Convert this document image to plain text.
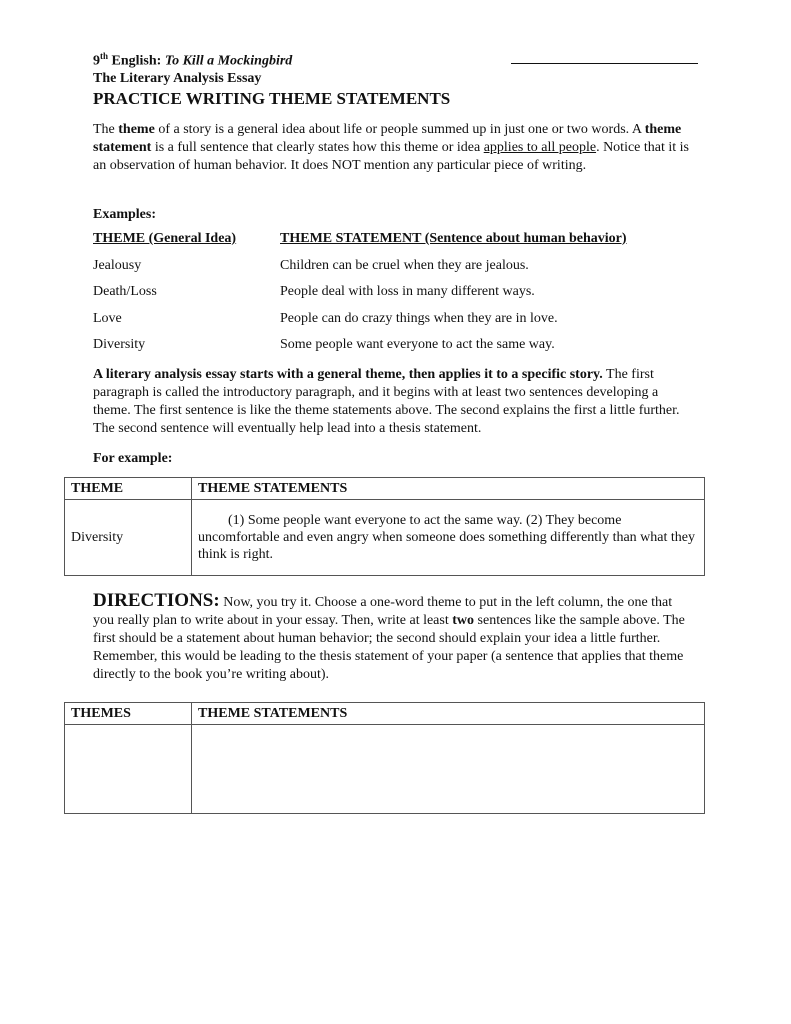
9th English: To Kill a Mockingbird
The Literary Analysis Essay
PRACTICE WRITING THEME STATEMENTS
The theme of a story is a general idea about life or people summed up in just one or two words. A theme statement is a full sentence that clearly states how this theme or idea applies to all people. Notice that it is an observation of human behavior. It does NOT mention any particular piece of writing.
Examples:
THEME (General Idea)	THEME STATEMENT (Sentence about human behavior)
Jealousy	Children can be cruel when they are jealous.
Death/Loss	People deal with loss in many different ways.
Love	People can do crazy things when they are in love.
Diversity	Some people want everyone to act the same way.
A literary analysis essay starts with a general theme, then applies it to a specific story. The first paragraph is called the introductory paragraph, and it begins with at least two sentences developing a theme. The first sentence is like the theme statements above. The second explains the first a little further. The second sentence will eventually help lead into a thesis statement.
For example:
THEME	THEME STATEMENTS
Diversity	(1) Some people want everyone to act the same way. (2) They become uncomfortable and even angry when someone does something differently than what they think is right.
DIRECTIONS: Now, you try it. Choose a one-word theme to put in the left column, the one that you really plan to write about in your essay. Then, write at least two sentences like the sample above. The first should be a statement about human behavior; the second should explain your idea a little further. Remember, this would be leading to the thesis statement of your paper (a sentence that applies that theme directly to the book you’re writing about).
THEMES	THEME STATEMENTS
